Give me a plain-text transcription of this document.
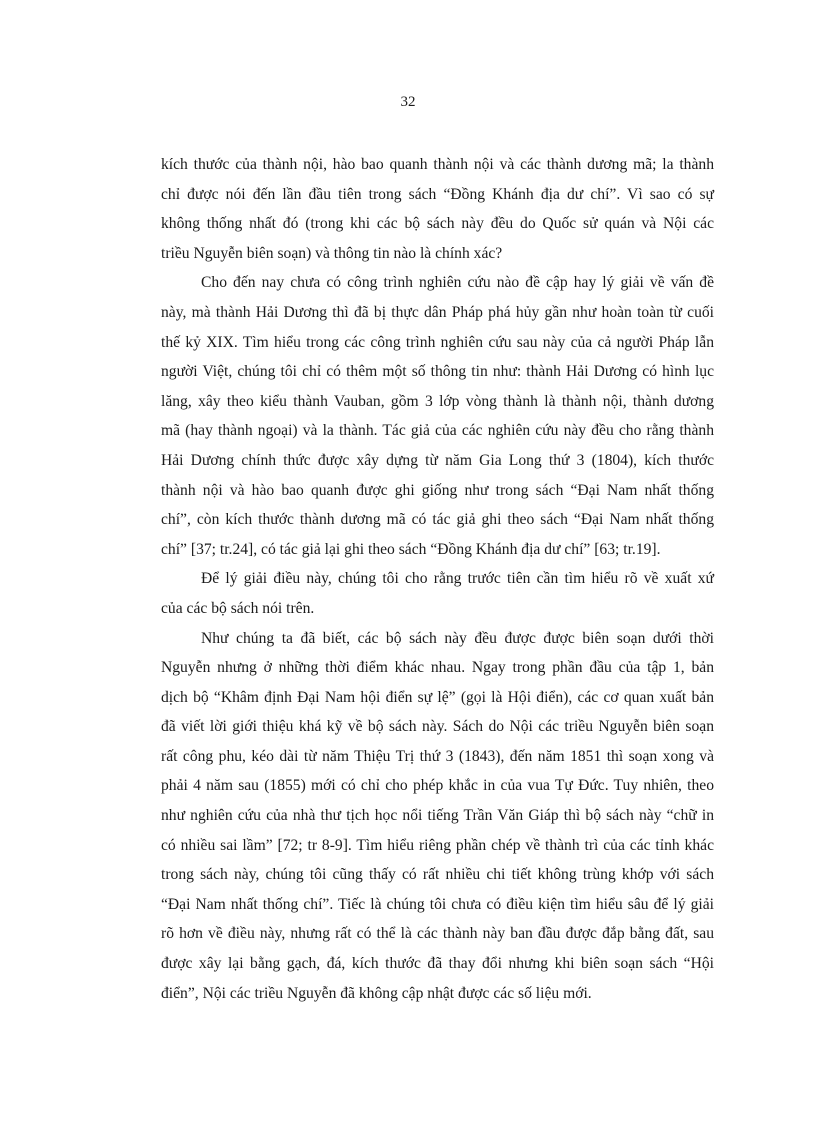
32

kích thước của thành nội, hào bao quanh thành nội và các thành dương mã; la thành
chỉ được nói đến lần đầu tiên trong sách “Đồng Khánh địa dư chí”. Vì sao có sự
không thống nhất đó (trong khi các bộ sách này đều do Quốc sử quán và Nội các
triều Nguyễn biên soạn) và thông tin nào là chính xác?

Cho đến nay chưa có công trình nghiên cứu nào đề cập hay lý giải về vấn đề
này, mà thành Hải Dương thì đã bị thực dân Pháp phá hủy gần như hoàn toàn từ cuối
thế kỷ XIX. Tìm hiểu trong các công trình nghiên cứu sau này của cả người Pháp lẫn
người Việt, chúng tôi chỉ có thêm một số thông tin như: thành Hải Dương có hình lục
lăng, xây theo kiểu thành Vauban, gồm 3 lớp vòng thành là thành nội, thành dương
mã (hay thành ngoại) và la thành. Tác giả của các nghiên cứu này đều cho rằng thành
Hải Dương chính thức được xây dựng từ năm Gia Long thứ 3 (1804), kích thước
thành nội và hào bao quanh được ghi giống như trong sách “Đại Nam nhất thống
chí”, còn kích thước thành dương mã có tác giả ghi theo sách “Đại Nam nhất thống
chí” [37; tr.24], có tác giả lại ghi theo sách “Đồng Khánh địa dư chí” [63; tr.19].

Để lý giải điều này, chúng tôi cho rằng trước tiên cần tìm hiểu rõ về xuất xứ
của các bộ sách nói trên.

Như chúng ta đã biết, các bộ sách này đều được được biên soạn dưới thời
Nguyễn nhưng ở những thời điểm khác nhau. Ngay trong phần đầu của tập 1, bản
dịch bộ “Khâm định Đại Nam hội điển sự lệ” (gọi là Hội điển), các cơ quan xuất bản
đã viết lời giới thiệu khá kỹ về bộ sách này. Sách do Nội các triều Nguyễn biên soạn
rất công phu, kéo dài từ năm Thiệu Trị thứ 3 (1843), đến năm 1851 thì soạn xong và
phải 4 năm sau (1855) mới có chỉ cho phép khắc in của vua Tự Đức. Tuy nhiên, theo
như nghiên cứu của nhà thư tịch học nổi tiếng Trần Văn Giáp thì bộ sách này “chữ in
có nhiều sai lầm” [72; tr 8-9]. Tìm hiểu riêng phần chép về thành trì của các tỉnh khác
trong sách này, chúng tôi cũng thấy có rất nhiều chi tiết không trùng khớp với sách
“Đại Nam nhất thống chí”. Tiếc là chúng tôi chưa có điều kiện tìm hiểu sâu để lý giải
rõ hơn về điều này, nhưng rất có thể là các thành này ban đầu được đắp bằng đất, sau
được xây lại bằng gạch, đá, kích thước đã thay đổi nhưng khi biên soạn sách “Hội
điển”, Nội các triều Nguyễn đã không cập nhật được các số liệu mới.
